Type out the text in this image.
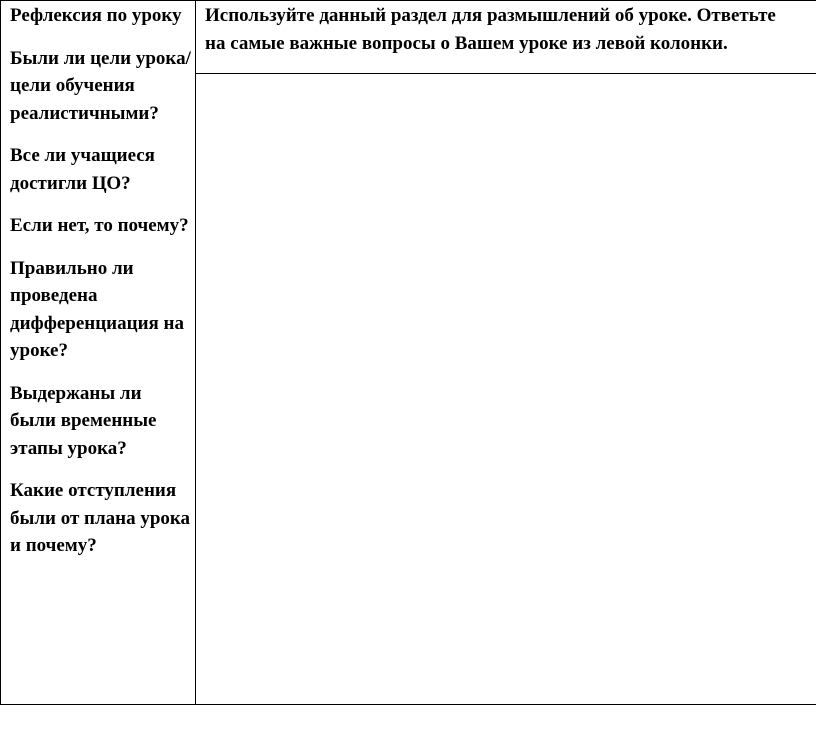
Рефлексия по уроку

Были ли цели урока/цели обучения реалистичными?

Все ли учащиеся достигли ЦО?

Если нет, то почему?

Правильно ли проведена дифференциация на уроке?

Выдержаны ли были временные этапы урока?

Какие отступления были от плана урока и почему?

Используйте данный раздел для размышлений об уроке. Ответьте
на самые важные вопросы о Вашем уроке из левой колонки.
